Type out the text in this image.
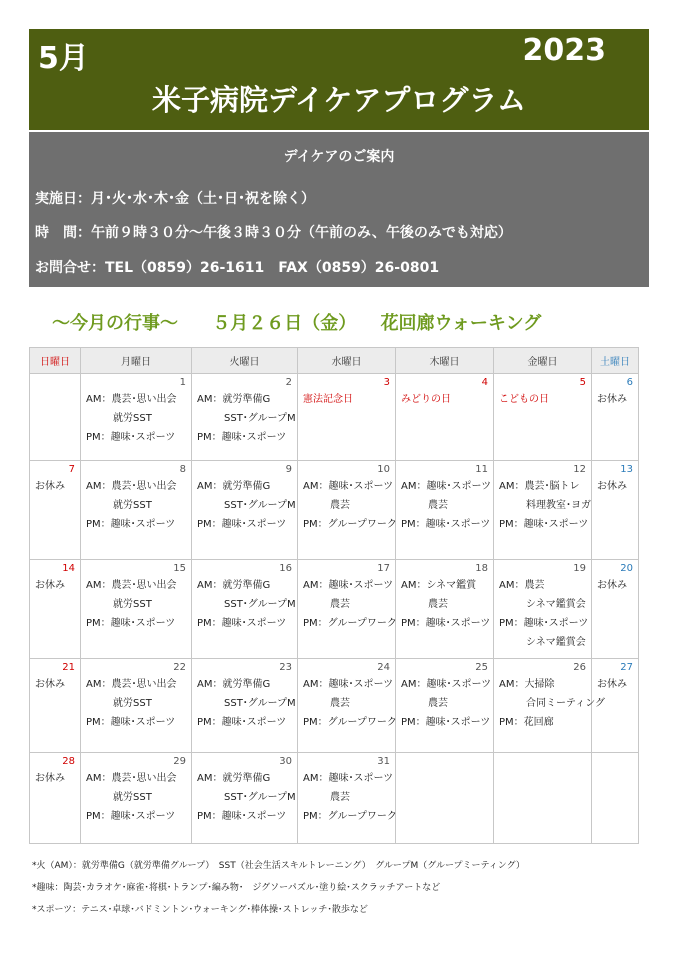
5月	2023
米子病院デイケアプログラム
デイケアのご案内
実施日：月･火･水･木･金（土･日･祝を除く）
時　間：午前９時３０分～午後３時３０分（午前のみ、午後のみでも対応）
お問合せ：TEL（0859）26-1611　FAX（0859）26-0801
～今月の行事～ ５月２６日（金） 花回廊ウォーキング
日曜日	月曜日	火曜日	水曜日	木曜日	金曜日	土曜日

	1
AM：農芸･思い出会
就労SST
PM：趣味･スポーツ	2
AM：就労準備G
SST･グループM
PM：趣味･スポーツ	3
憲法記念日	4
みどりの日	5
こどもの日	6
お休み

7
お休み	8
AM：農芸･思い出会
就労SST
PM：趣味･スポーツ	9
AM：就労準備G
SST･グループM
PM：趣味･スポーツ	10
AM：趣味･スポーツ
農芸
PM：グループワーク	11
AM：趣味･スポーツ
農芸
PM：趣味･スポーツ	12
AM：農芸･脳トレ
料理教室･ヨガ
PM：趣味･スポーツ	13
お休み

14
お休み	15
AM：農芸･思い出会
就労SST
PM：趣味･スポーツ	16
AM：就労準備G
SST･グループM
PM：趣味･スポーツ	17
AM：趣味･スポーツ
農芸
PM：グループワーク	18
AM：シネマ鑑賞
農芸
PM：趣味･スポーツ	19
AM：農芸
シネマ鑑賞会
PM：趣味･スポーツ
シネマ鑑賞会	20
お休み

21
お休み	22
AM：農芸･思い出会
就労SST
PM：趣味･スポーツ	23
AM：就労準備G
SST･グループM
PM：趣味･スポーツ	24
AM：趣味･スポーツ
農芸
PM：グループワーク	25
AM：趣味･スポーツ
農芸
PM：趣味･スポーツ	26
AM：大掃除
合同ミーティング
PM：花回廊	27
お休み

28
お休み	29
AM：農芸･思い出会
就労SST
PM：趣味･スポーツ	30
AM：就労準備G
SST･グループM
PM：趣味･スポーツ	31
AM：趣味･スポーツ
農芸
PM：グループワーク			

*火（AM）：就労準備G（就労準備グループ）　SST（社会生活スキルトレーニング）　グループM（グループミーティング）
*趣味：陶芸･カラオケ･麻雀･将棋･トランプ･編み物･　ジグソーパズル･塗り絵･スクラッチアートなど
*スポーツ：テニス･卓球･バドミントン･ウォーキング･棒体操･ストレッチ･散歩など
